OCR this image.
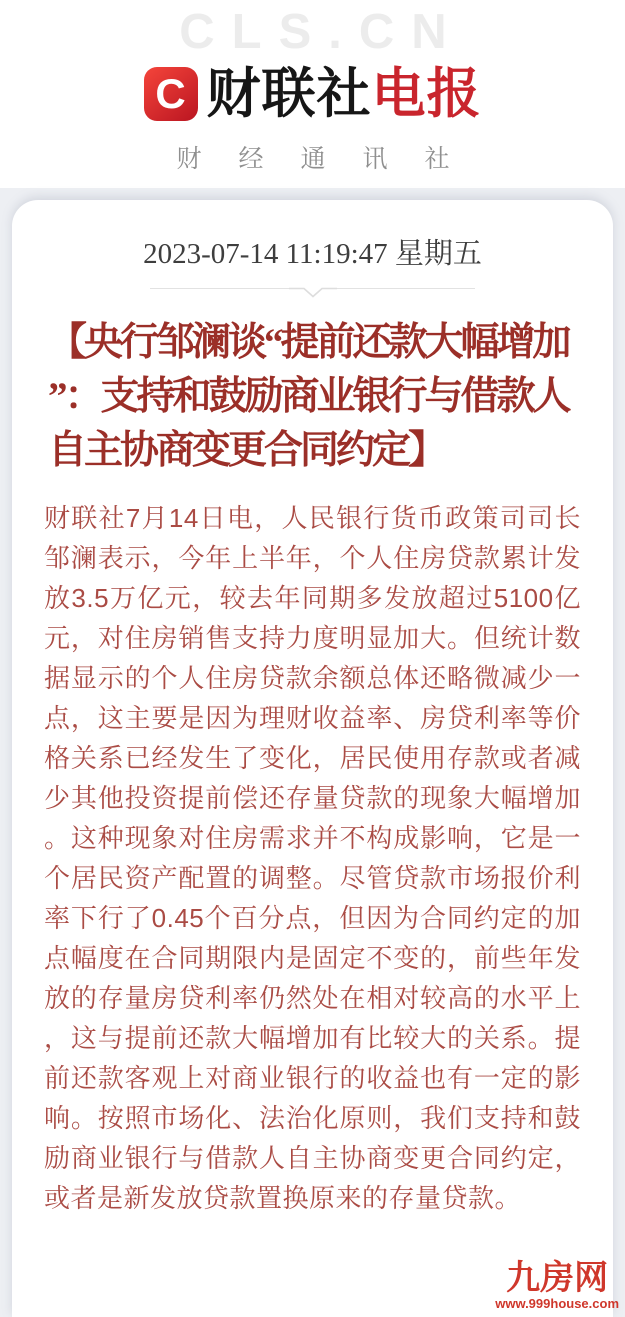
CLS.CN
C 财联社电报
财经通讯社
2023-07-14 11:19:47 星期五
【央行邹澜谈“提前还款大幅增加
”：支持和鼓励商业银行与借款人
自主协商变更合同约定】

财联社7月14日电，人民银行货币政策司司长邹澜表示，今年上半年，个人住房贷款累计发放3.5万亿元，较去年同期多发放超过5100亿元，对住房销售支持力度明显加大。但统计数据显示的个人住房贷款余额总体还略微减少一点，这主要是因为理财收益率、房贷利率等价格关系已经发生了变化，居民使用存款或者减少其他投资提前偿还存量贷款的现象大幅增加。这种现象对住房需求并不构成影响，它是一个居民资产配置的调整。尽管贷款市场报价利率下行了0.45个百分点，但因为合同约定的加点幅度在合同期限内是固定不变的，前些年发放的存量房贷利率仍然处在相对较高的水平上，这与提前还款大幅增加有比较大的关系。提前还款客观上对商业银行的收益也有一定的影响。按照市场化、法治化原则，我们支持和鼓励商业银行与借款人自主协商变更合同约定，或者是新发放贷款置换原来的存量贷款。

九房网
www.999house.com
